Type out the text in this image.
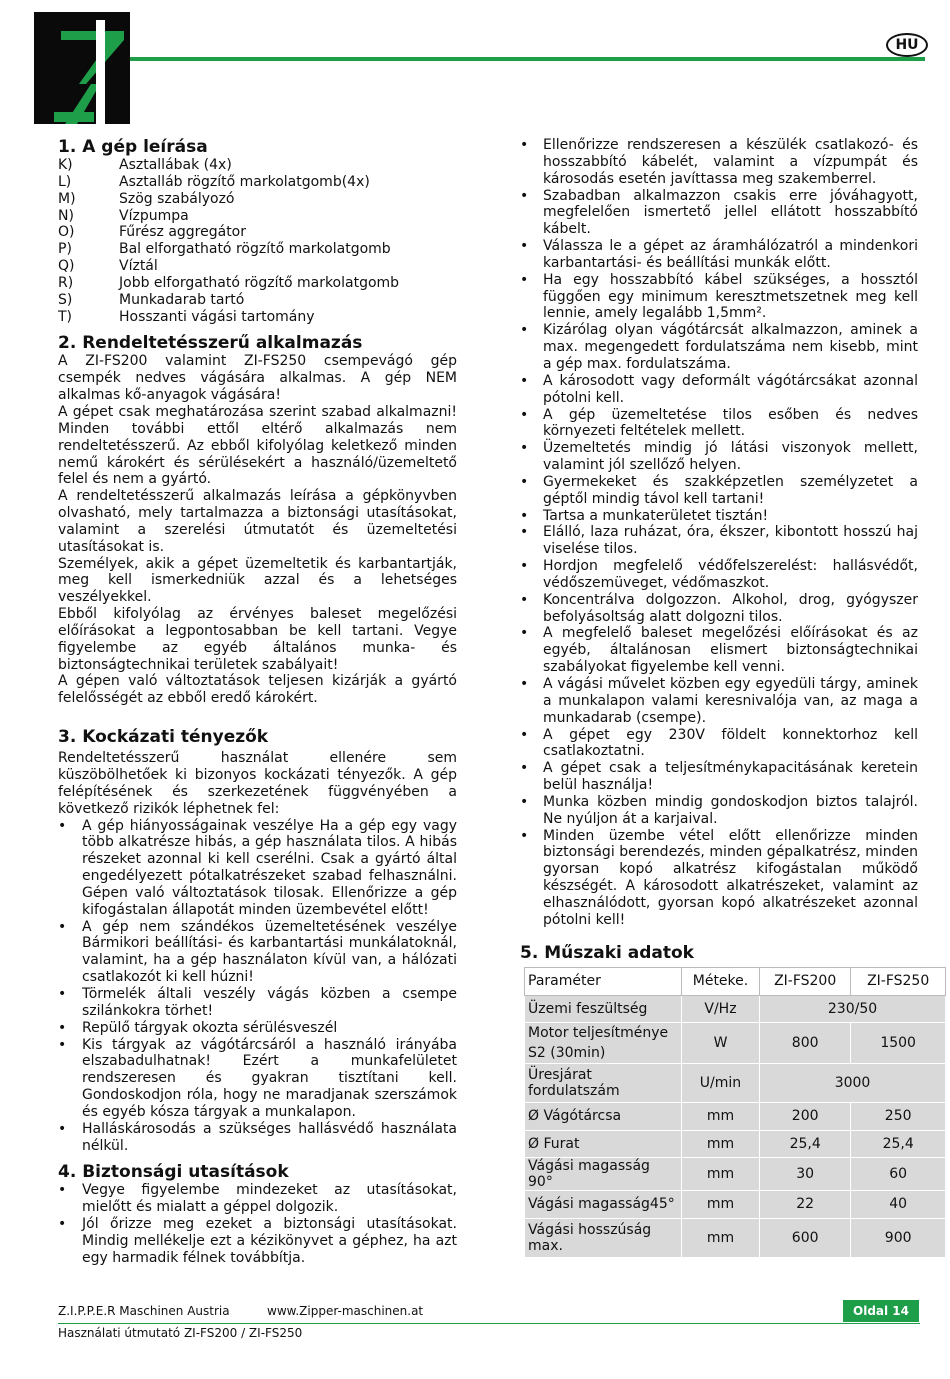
HU
1. A gép leírása
K)	Asztallábak (4x)
L)	Asztalláb rögzítő markolatgomb(4x)
M)	Szög szabályozó
N)	Vízpumpa
O)	Fűrész aggregátor
P)	Bal elforgatható rögzítő markolatgomb
Q)	Víztál
R)	Jobb elforgatható rögzítő markolatgomb
S)	Munkadarab tartó
T)	Hosszanti vágási tartomány
2. Rendeltetésszerű alkalmazás

A ZI-FS200 valamint ZI-FS250 csempevágó gép csempék nedves vágására alkalmas. A gép NEM alkalmas kő-anyagok vágására!

A gépet csak meghatározása szerint szabad alkalmazni! Minden további ettől eltérő alkalmazás nem rendeltetésszerű. Az ebből kifolyólag keletkező minden nemű károkért és sérülésekért a használó/üzemeltető felel és nem a gyártó.

A rendeltetésszerű alkalmazás leírása a gépkönyvben olvasható, mely tartalmazza a biztonsági utasításokat, valamint a szerelési útmutatót és üzemeltetési utasításokat is.

Személyek, akik a gépet üzemeltetik és karbantartják, meg kell ismerkedniük azzal és a lehetséges veszélyekkel.

Ebből kifolyólag az érvényes baleset megelőzési előírásokat a legpontosabban be kell tartani. Vegye figyelembe az egyéb általános munka- és biztonságtechnikai területek szabályait!

A gépen való változtatások teljesen kizárják a gyártó felelősségét az ebből eredő károkért.

3. Kockázati tényezők

Rendeltetésszerű használat ellenére sem küszöbölhetőek ki bizonyos kockázati tényezők. A gép felépítésének és szerkezetének függvényében a következő rizikók léphetnek fel:

• A gép hiányosságainak veszélye Ha a gép egy vagy több alkatrésze hibás, a gép használata tilos. A hibás részeket azonnal ki kell cserélni. Csak a gyártó által engedélyezett pótalkatrészeket szabad felhasználni. Gépen való változtatások tilosak. Ellenőrizze a gép kifogástalan állapotát minden üzembevétel előtt!
• A gép nem szándékos üzemeltetésének veszélye Bármikori beállítási- és karbantartási munkálatoknál, valamint, ha a gép használaton kívül van, a hálózati csatlakozót ki kell húzni!
• Törmelék általi veszély vágás közben a csempe szilánkokra törhet!
• Repülő tárgyak okozta sérülésveszél
• Kis tárgyak az vágótárcsáról a használó irányába elszabadulhatnak! Ezért a munkafelületet rendszeresen és gyakran tisztítani kell. Gondoskodjon róla, hogy ne maradjanak szerszámok és egyéb kósza tárgyak a munkalapon.
• Halláskárosodás a szükséges hallásvédő használata nélkül.
4. Biztonsági utasítások
• Vegye figyelembe mindezeket az utasításokat, mielőtt és mialatt a géppel dolgozik.
• Jól őrizze meg ezeket a biztonsági utasításokat. Mindig mellékelje ezt a kézikönyvet a géphez, ha azt egy harmadik félnek továbbítja.
• Ellenőrizze rendszeresen a készülék csatlakozó- és hosszabbító kábelét, valamint a vízpumpát és károsodás esetén javíttassa meg szakemberrel.
• Szabadban alkalmazzon csakis erre jóváhagyott, megfelelően ismertető jellel ellátott hosszabbító kábelt.
• Válassza le a gépet az áramhálózatról a mindenkori karbantartási- és beállítási munkák előtt.
• Ha egy hosszabbító kábel szükséges, a hossztól függően egy minimum keresztmetszetnek meg kell lennie, amely legalább 1,5mm².
• Kizárólag olyan vágótárcsát alkalmazzon, aminek a max. megengedett fordulatszáma nem kisebb, mint a gép max. fordulatszáma.
• A károsodott vagy deformált vágótárcsákat azonnal pótolni kell.
• A gép üzemeltetése tilos esőben és nedves környezeti feltételek mellett.
• Üzemeltetés mindig jó látási viszonyok mellett, valamint jól szellőző helyen.
• Gyermekeket és szakképzetlen személyzetet a géptől mindig távol kell tartani!
• Tartsa a munkaterületet tisztán!
• Elálló, laza ruházat, óra, ékszer, kibontott hosszú haj viselése tilos.
• Hordjon megfelelő védőfelszerelést: hallásvédőt, védőszemüveget, védőmaszkot.
• Koncentrálva dolgozzon. Alkohol, drog, gyógyszer befolyásoltság alatt dolgozni tilos.
• A megfelelő baleset megelőzési előírásokat és az egyéb, általánosan elismert biztonságtechnikai szabályokat figyelembe kell venni.
• A vágási művelet közben egy egyedüli tárgy, aminek a munkalapon valami keresnivalója van, az maga a munkadarab (csempe).
• A gépet egy 230V földelt konnektorhoz kell csatlakoztatni.
• A gépet csak a teljesítménykapacitásának keretein belül használja!
• Munka közben mindig gondoskodjon biztos talajról. Ne nyúljon át a karjaival.
• Minden üzembe vétel előtt ellenőrizze minden biztonsági berendezés, minden gépalkatrész, minden gyorsan kopó alkatrész kifogástalan működő készségét. A károsodott alkatrészeket, valamint az elhasználódott, gyorsan kopó alkatrészeket azonnal pótolni kell!
5. Műszaki adatok
Paraméter	Méteke.	ZI-FS200	ZI-FS250
Üzemi feszültség	V/Hz	230/50	
Motor teljesítménye S2 (30min)	W	800	1500
Üresjárat fordulatszám	U/min	3000	
Ø Vágótárcsa	mm	200	250
Ø Furat	mm	25,4	25,4
Vágási magasság 90°	mm	30	60
Vágási magasság45°	mm	22	40
Vágási hosszúság max.	mm	600	900
Z.I.P.P.E.R Maschinen Austria	www.Zipper-maschinen.at	Oldal 14
Használati útmutató ZI-FS200 / ZI-FS250
